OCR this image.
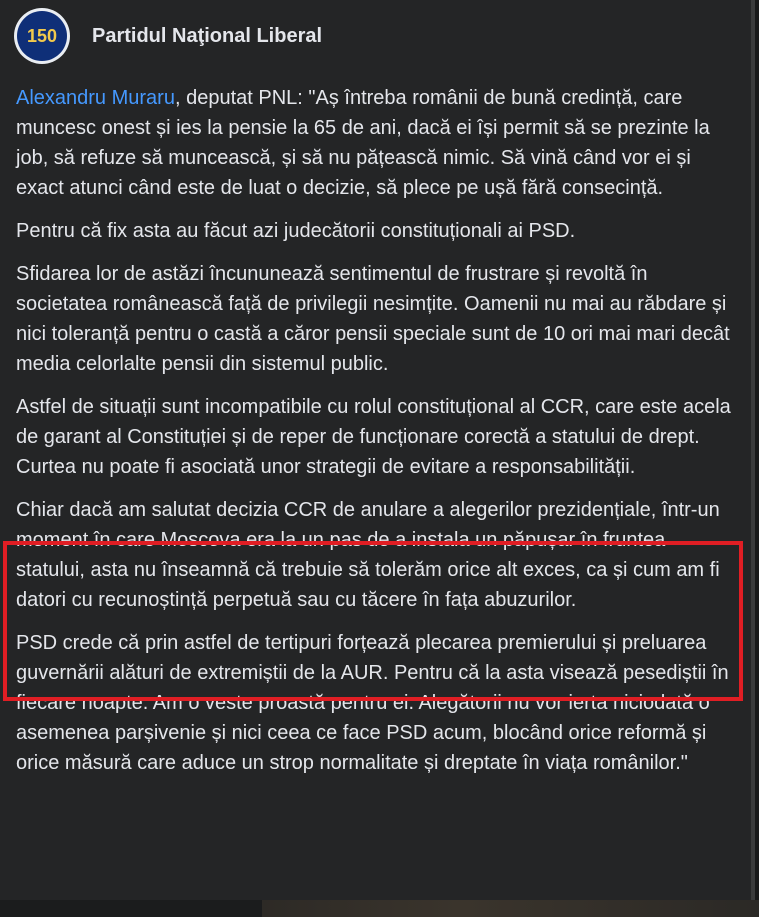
150 Partidul Naţional Liberal

Alexandru Muraru, deputat PNL: "Aș întreba românii de bună credință, care muncesc onest și ies la pensie la 65 de ani, dacă ei își permit să se prezinte la job, să refuze să muncească, și să nu pățească nimic. Să vină când vor ei și exact atunci când este de luat o decizie, să plece pe ușă fără consecință.

Pentru că fix asta au făcut azi judecătorii constituționali ai PSD.

Sfidarea lor de astăzi încununează sentimentul de frustrare și revoltă în societatea românească față de privilegii nesimțite. Oamenii nu mai au răbdare și nici toleranță pentru o castă a căror pensii speciale sunt de 10 ori mai mari decât media celorlalte pensii din sistemul public.

Astfel de situații sunt incompatibile cu rolul constituțional al CCR, care este acela de garant al Constituției și de reper de funcționare corectă a statului de drept. Curtea nu poate fi asociată unor strategii de evitare a responsabilității.

Chiar dacă am salutat decizia CCR de anulare a alegerilor prezidențiale, într-un moment în care Moscova era la un pas de a instala un păpușar în fruntea statului, asta nu înseamnă că trebuie să tolerăm orice alt exces, ca și cum am fi datori cu recunoștință perpetuă sau cu tăcere în fața abuzurilor.

PSD crede că prin astfel de tertipuri forțează plecarea premierului și preluarea guvernării alături de extremiștii de la AUR. Pentru că la asta visează pesediștii în fiecare noapte. Am o veste proastă pentru ei. Alegătorii nu vor ierta niciodată o asemenea parșivenie și nici ceea ce face PSD acum, blocând orice reformă și orice măsură care aduce un strop normalitate și dreptate în viața românilor."
